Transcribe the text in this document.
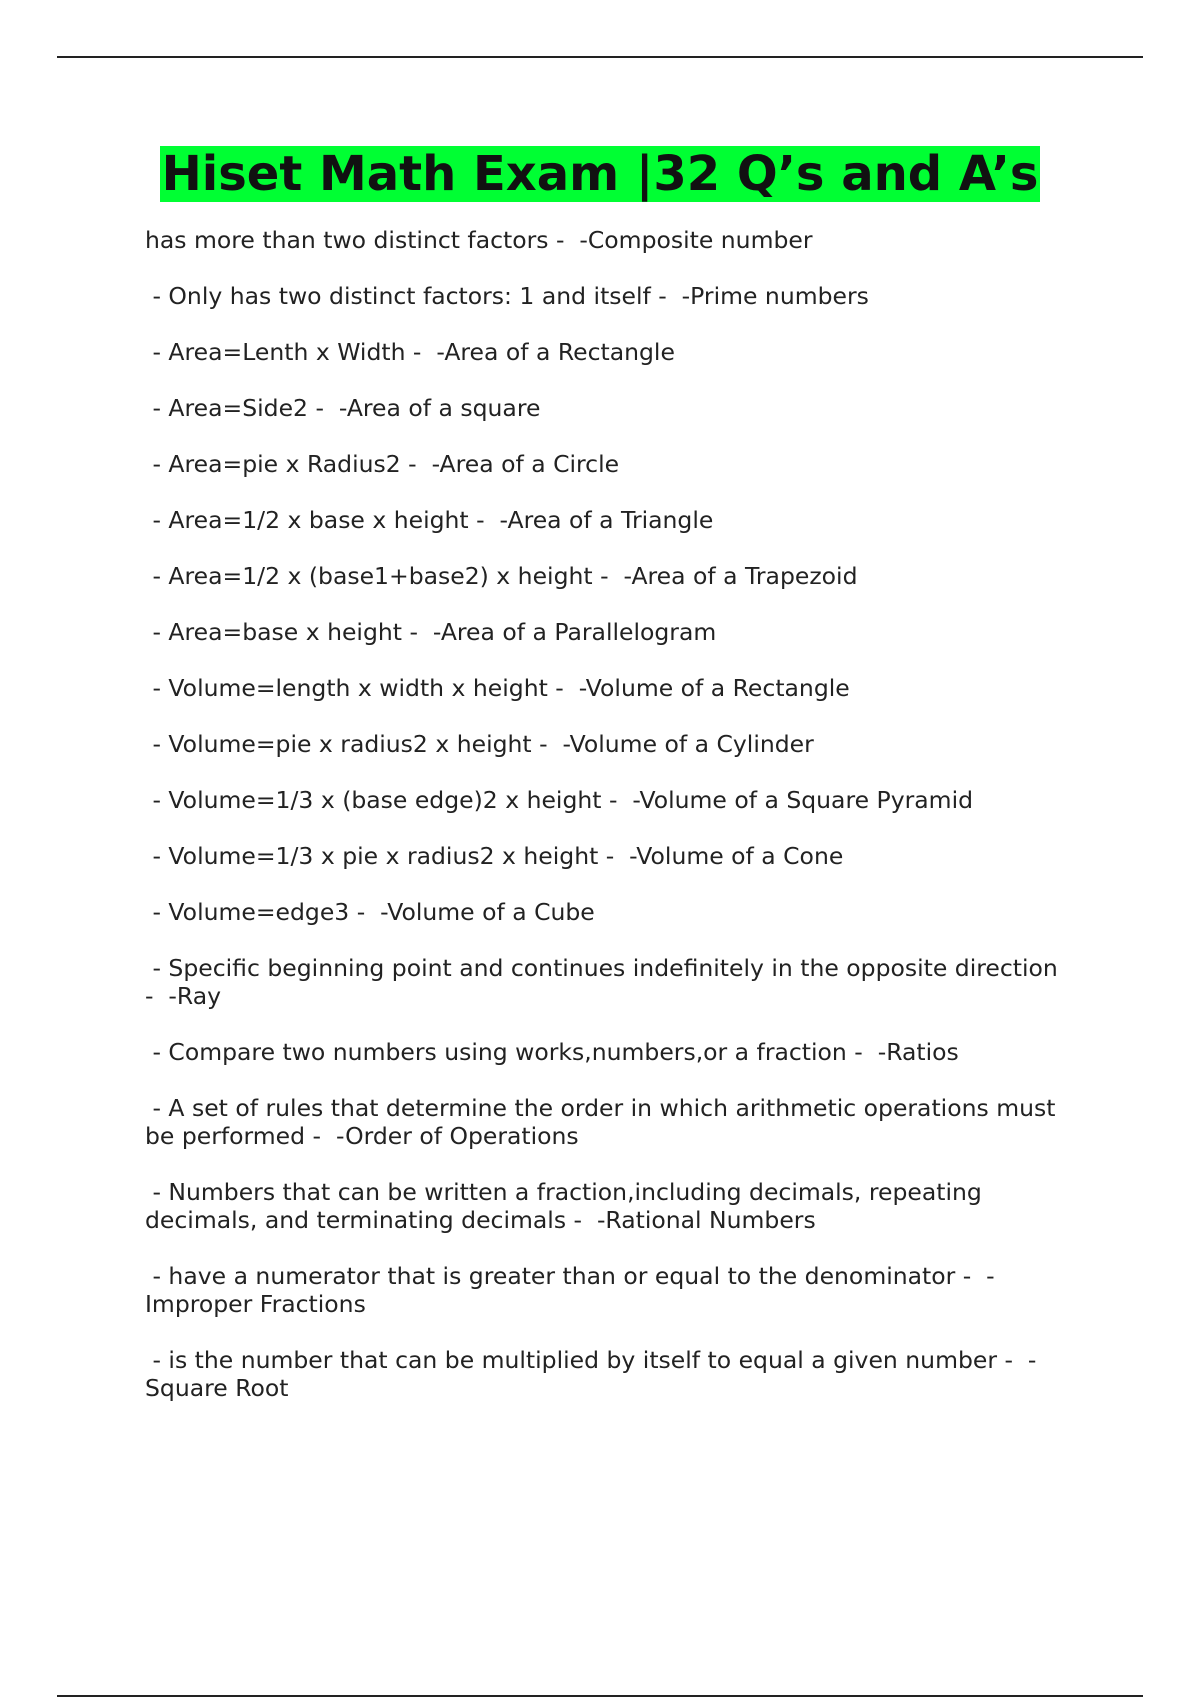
Hiset Math Exam |32 Q’s and A’s

has more than two distinct factors -  -Composite number

- Only has two distinct factors: 1 and itself -  -Prime numbers

- Area=Lenth x Width -  -Area of a Rectangle

- Area=Side2 -  -Area of a square

- Area=pie x Radius2 -  -Area of a Circle

- Area=1/2 x base x height -  -Area of a Triangle

- Area=1/2 x (base1+base2) x height -  -Area of a Trapezoid

- Area=base x height -  -Area of a Parallelogram

- Volume=length x width x height -  -Volume of a Rectangle

- Volume=pie x radius2 x height -  -Volume of a Cylinder

- Volume=1/3 x (base edge)2 x height -  -Volume of a Square Pyramid

- Volume=1/3 x pie x radius2 x height -  -Volume of a Cone

- Volume=edge3 -  -Volume of a Cube

- Specific beginning point and continues indefinitely in the opposite direction
-  -Ray

- Compare two numbers using works,numbers,or a fraction -  -Ratios

- A set of rules that determine the order in which arithmetic operations must
be performed -  -Order of Operations

- Numbers that can be written a fraction,including decimals, repeating
decimals, and terminating decimals -  -Rational Numbers

- have a numerator that is greater than or equal to the denominator -  -
Improper Fractions

- is the number that can be multiplied by itself to equal a given number -  -
Square Root
